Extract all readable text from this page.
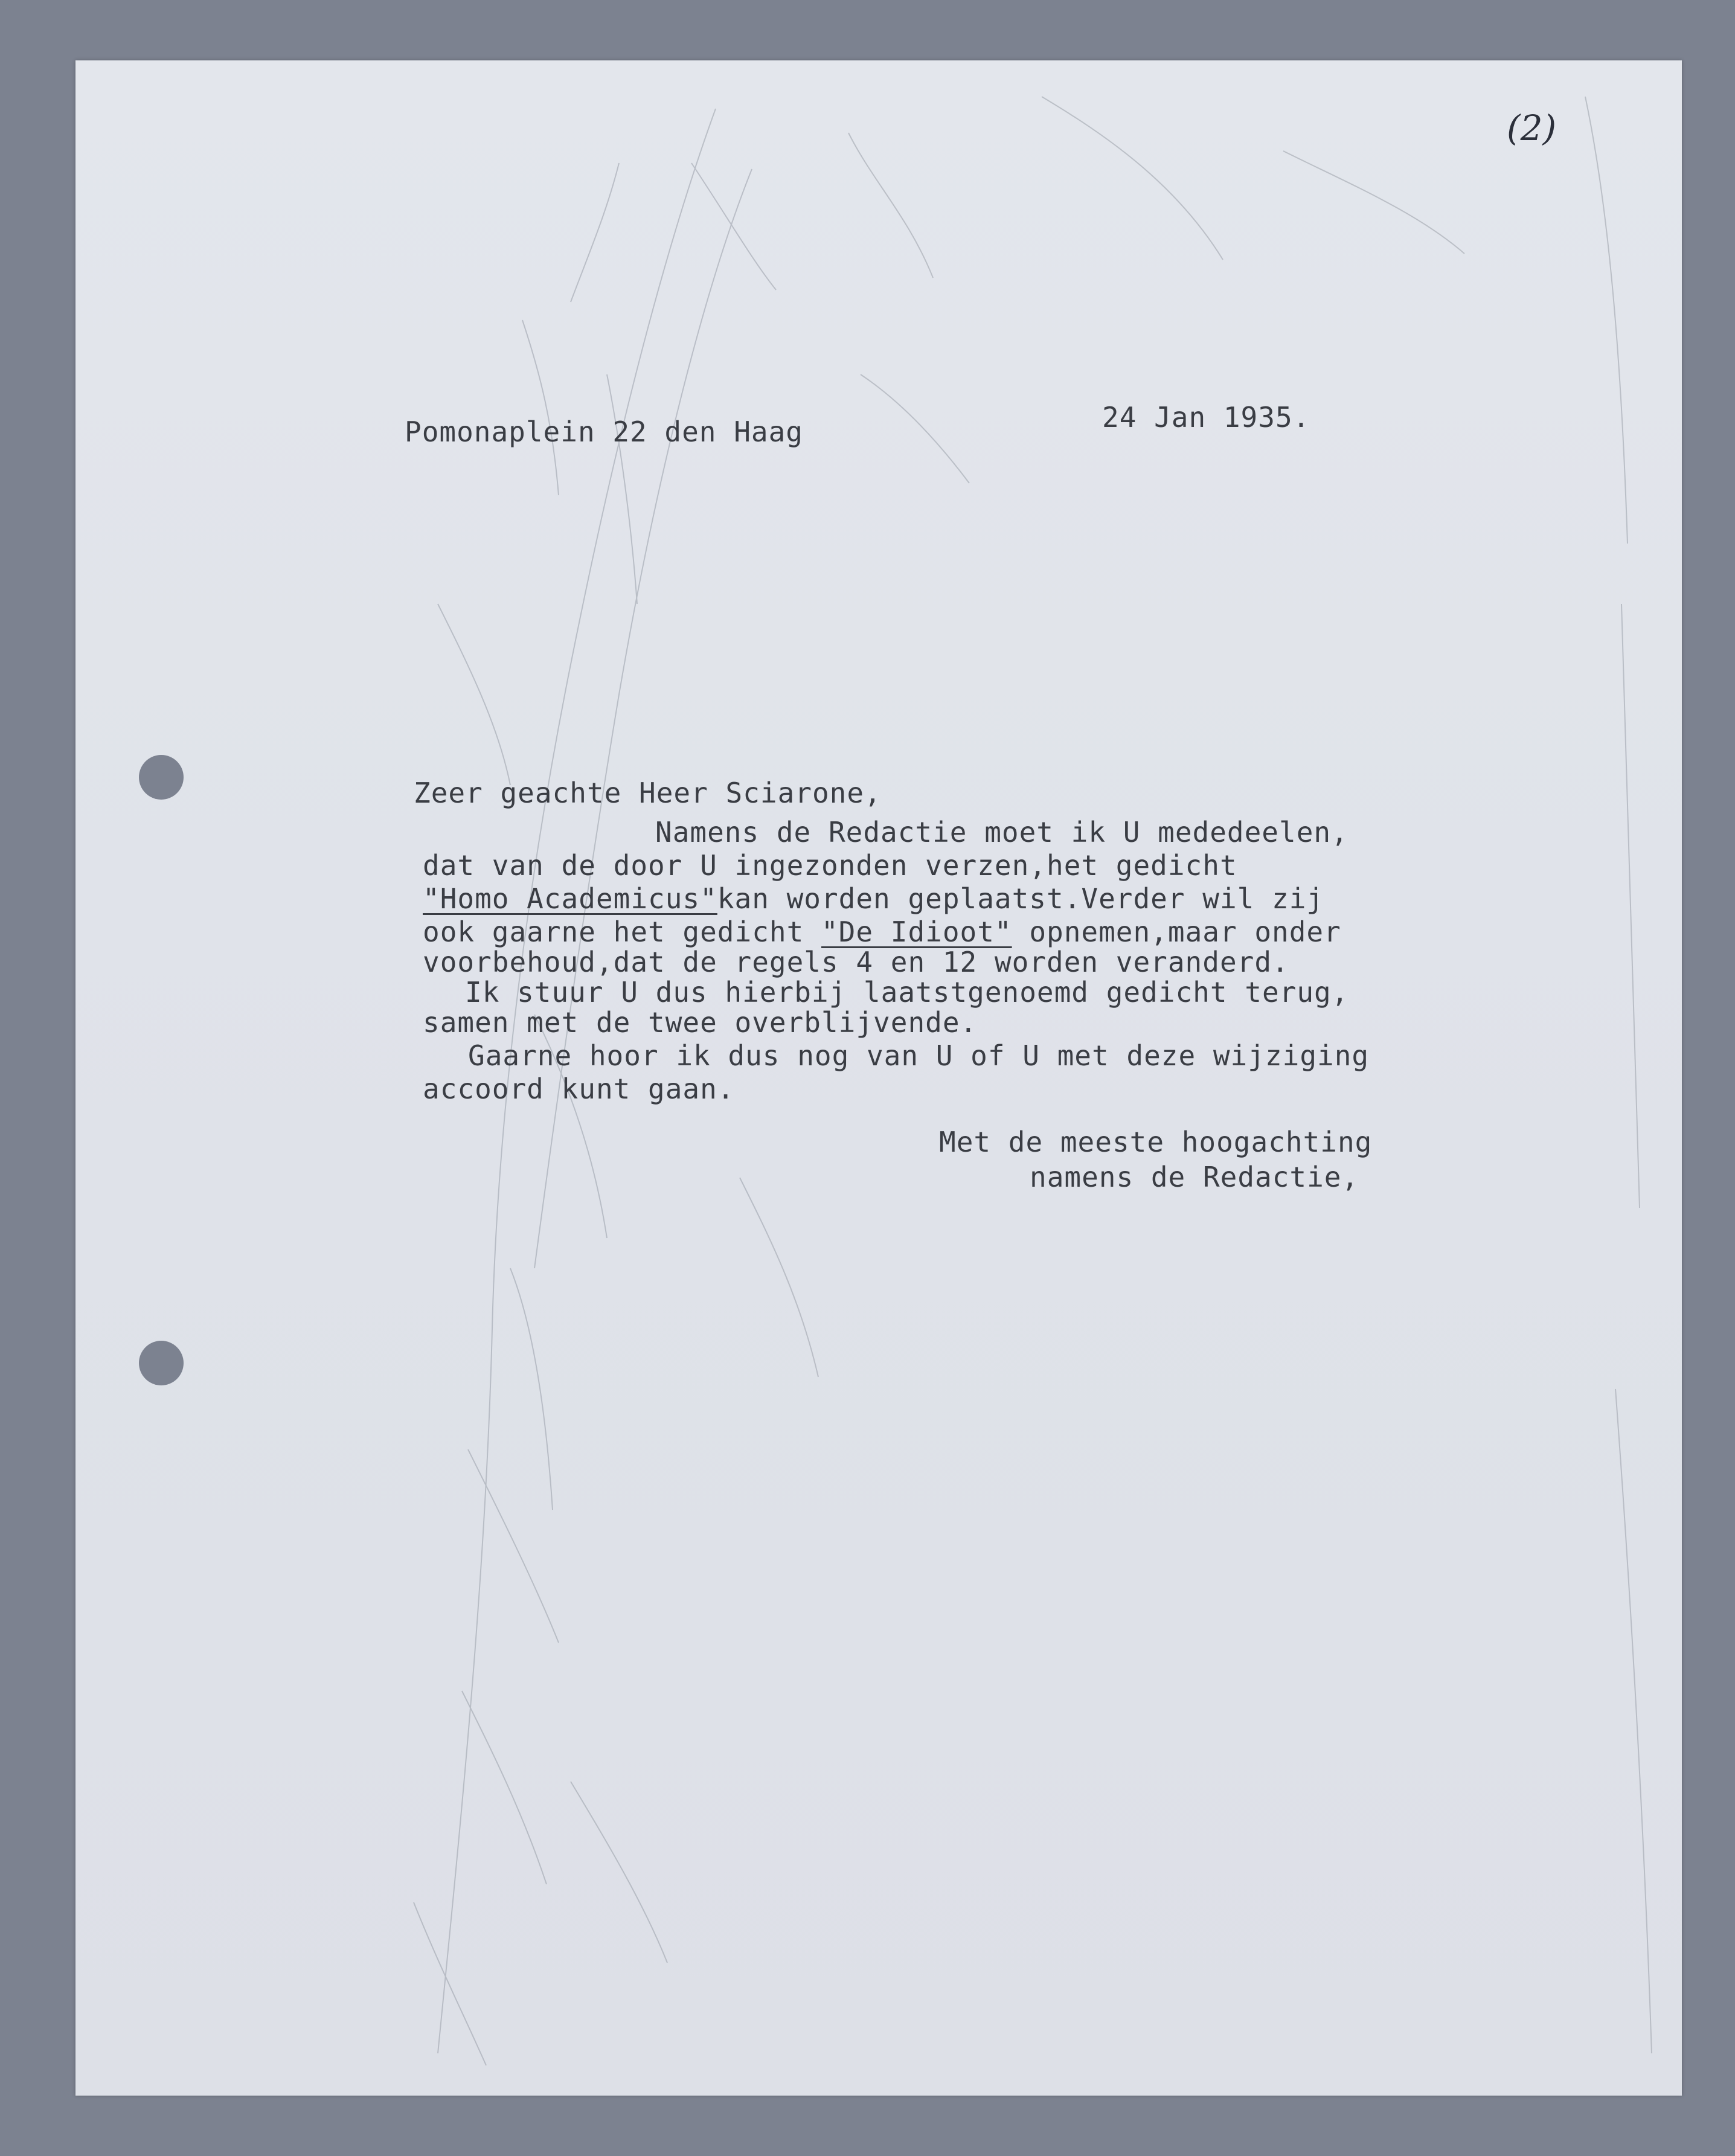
(2)
Pomonaplein 22 den Haag	24 Jan 1935.
Zeer geachte Heer Sciarone,

Namens de Redactie moet ik U mededeelen,

dat van de door U ingezonden verzen,het gedicht

"Homo Academicus"kan worden geplaatst.Verder wil zij

ook gaarne het gedicht "De Idioot" opnemen,maar onder

voorbehoud,dat de regels 4 en 12 worden veranderd.

Ik stuur U dus hierbij laatstgenoemd gedicht terug,

samen met de twee overblijvende.

Gaarne hoor ik dus nog van U of U met deze wijziging

accoord kunt gaan.

Met de meeste hoogachting
namens de Redactie,
